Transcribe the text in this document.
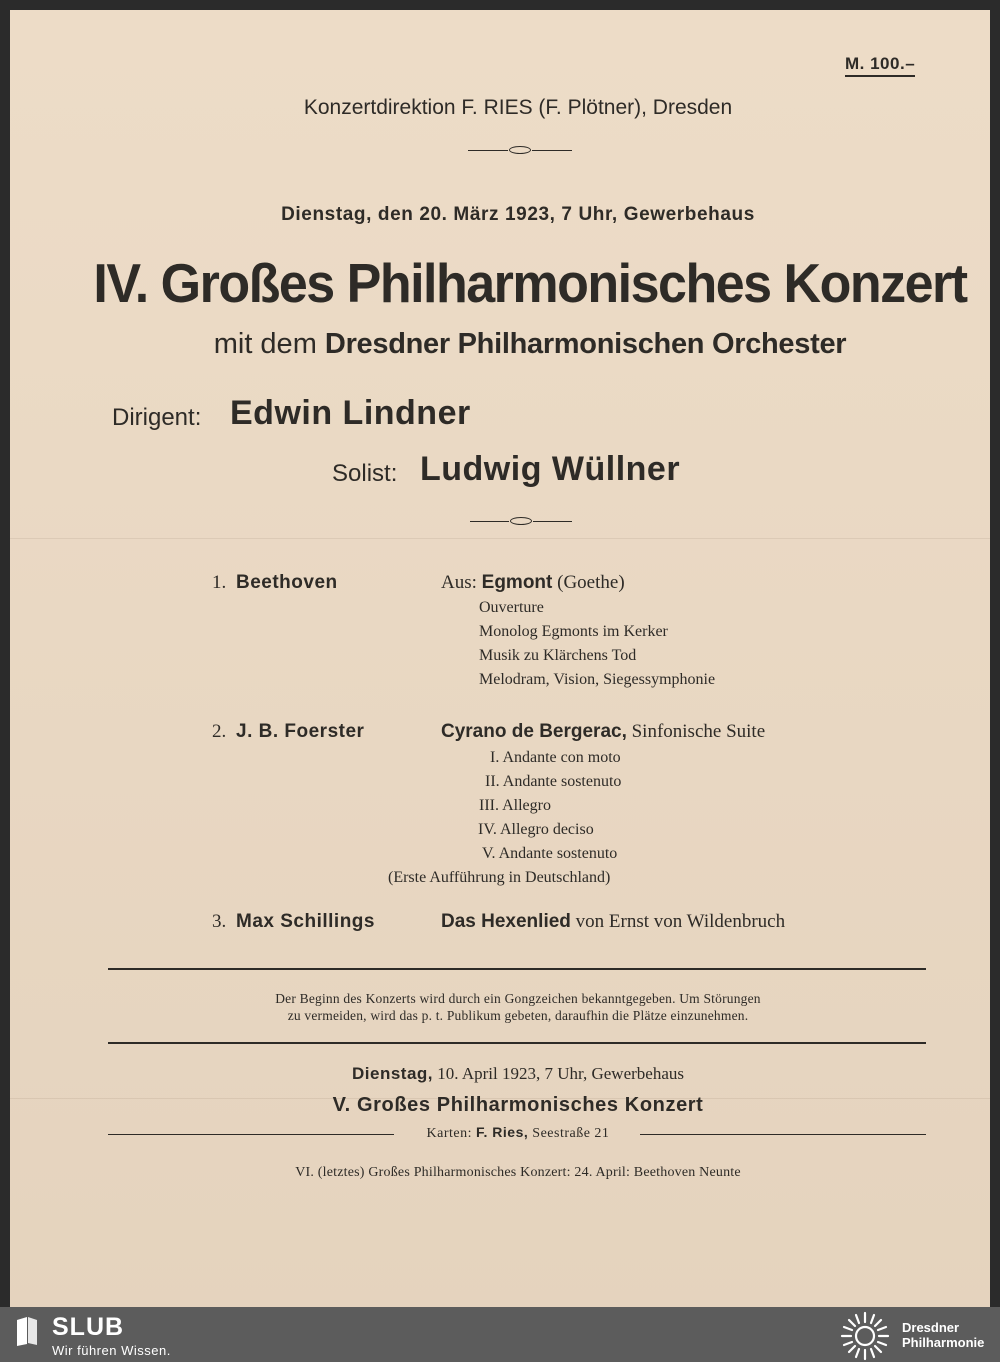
M. 100.–
Konzertdirektion F. RIES (F. Plötner), Dresden
Dienstag, den 20. März 1923, 7 Uhr, Gewerbehaus
IV. Großes Philharmonisches Konzert
mit dem Dresdner Philharmonischen Orchester
Dirigent: Edwin Lindner
Solist: Ludwig Wüllner
1. Beethoven	Aus: Egmont (Goethe)
Ouverture
Monolog Egmonts im Kerker
Musik zu Klärchens Tod
Melodram, Vision, Siegessymphonie
2. J. B. Foerster	Cyrano de Bergerac, Sinfonische Suite
I. Andante con moto
II. Andante sostenuto
III. Allegro
IV. Allegro deciso
V. Andante sostenuto
(Erste Aufführung in Deutschland)
3. Max Schillings	Das Hexenlied von Ernst von Wildenbruch
Der Beginn des Konzerts wird durch ein Gongzeichen bekanntgegeben. Um Störungen
zu vermeiden, wird das p. t. Publikum gebeten, daraufhin die Plätze einzunehmen.
Dienstag, 10. April 1923, 7 Uhr, Gewerbehaus
V. Großes Philharmonisches Konzert
Karten: F. Ries, Seestraße 21
VI. (letztes) Großes Philharmonisches Konzert: 24. April: Beethoven Neunte
SLUB
Wir führen Wissen.
Dresdner
Philharmonie
